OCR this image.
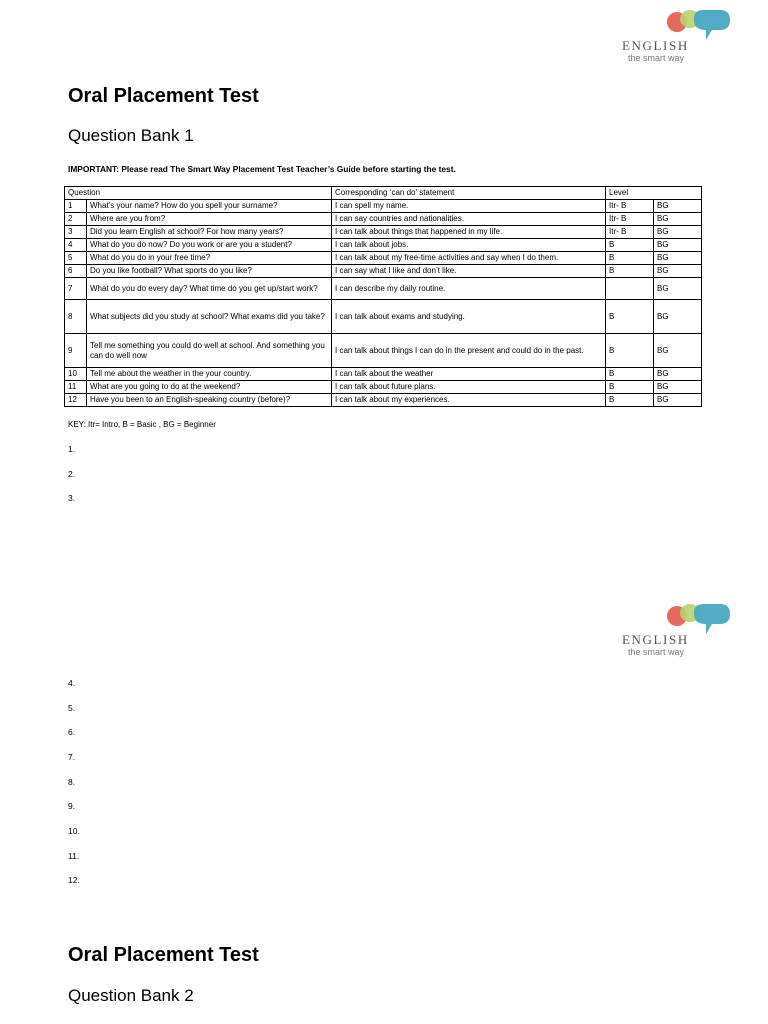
ENGLISH
the smart way
Oral Placement Test
Question Bank 1
IMPORTANT: Please read The Smart Way Placement Test Teacher’s Guide before starting the test.
Question		Corresponding ‘can do’ statement	Level	
1	What’s your name? How do you spell your surname?	I can spell my name.	Itr- B	BG
2	Where are you from?	I can say countries and nationalities.	Itr- B	BG
3	Did you learn English at school? For how many years?	I can talk about things that happened in my life.	Itr- B	BG
4	What do you do now? Do you work or are you a student?	I can talk about jobs.	B	BG
5	What do you do in your free time?	I can talk about my free-time activities and say when I do them.	B	BG
6	Do you like football? What sports do you like?	I can say what I like and don’t like.	B	BG
7	What do you do every day? What time do you get up/start work?	I can describe my daily routine.		BG
8	What subjects did you study at school? What exams did you take?	I can talk about exams and studying.	B	BG
9	Tell me something you could do well at school. And something you can do well now	I can talk about things I can do in the present and could do in the past.	B	BG
10	Tell me about the weather in the your country.	I can talk about the weather	B	BG
11	What are you going to do at the weekend?	I can talk about future plans.	B	BG
12	Have you been to an English-speaking country (before)?	I can talk about my experiences.	B	BG
KEY: Itr= Intro, B = Basic , BG = Beginner
1.
2.
3.
ENGLISH
the smart way
4.
5.
6.
7.
8.
9.
10.
11.
12.
Oral Placement Test
Question Bank 2
